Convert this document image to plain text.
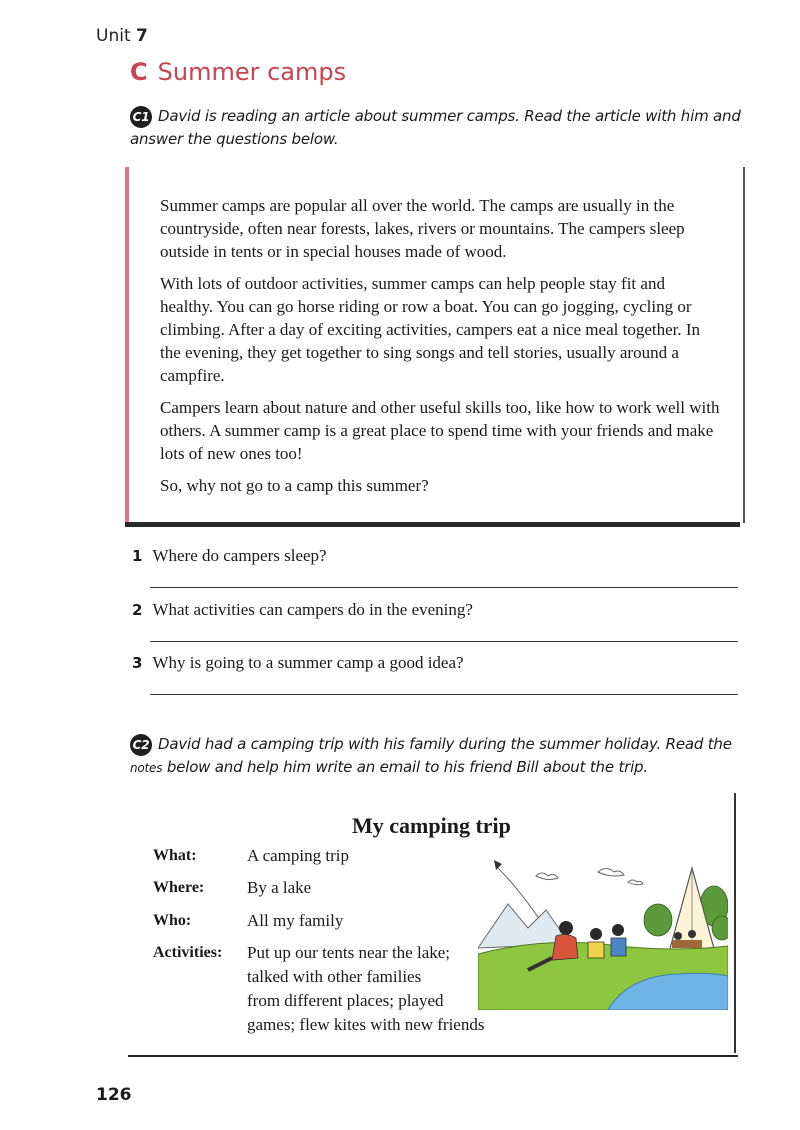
Unit 7
C Summer camps
C1 David is reading an article about summer camps. Read the article with him and answer the questions below.

Summer camps are popular all over the world. The camps are usually in the countryside, often near forests, lakes, rivers or mountains. The campers sleep outside in tents or in special houses made of wood.

With lots of outdoor activities, summer camps can help people stay fit and healthy. You can go horse riding or row a boat. You can go jogging, cycling or climbing. After a day of exciting activities, campers eat a nice meal together. In the evening, they get together to sing songs and tell stories, usually around a campfire.

Campers learn about nature and other useful skills too, like how to work well with others. A summer camp is a great place to spend time with your friends and make lots of new ones too!

So, why not go to a camp this summer?

1 Where do campers sleep?
2 What activities can campers do in the evening?
3 Why is going to a summer camp a good idea?
C2 David had a camping trip with his family during the summer holiday. Read the notes below and help him write an email to his friend Bill about the trip.
My camping trip
What:	A camping trip
Where:	By a lake
Who:	All my family
Activities: Put up our tents near the lake;
talked with other families
from different places; played
games; flew kites with new friends
126
